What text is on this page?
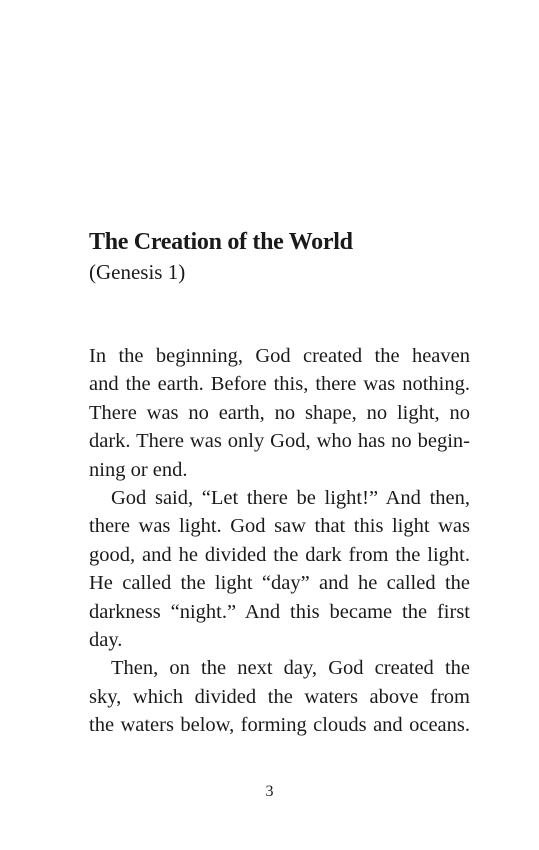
The Creation of the World
(Genesis 1)

In the beginning, God created the heaven
and the earth. Before this, there was nothing.
There was no earth, no shape, no light, no
dark. There was only God, who has no begin-
ning or end.

God said, “Let there be light!” And then,
there was light. God saw that this light was
good, and he divided the dark from the light.
He called the light “day” and he called the
darkness “night.” And this became the first
day.

Then, on the next day, God created the
sky, which divided the waters above from
the waters below, forming clouds and oceans.

3
